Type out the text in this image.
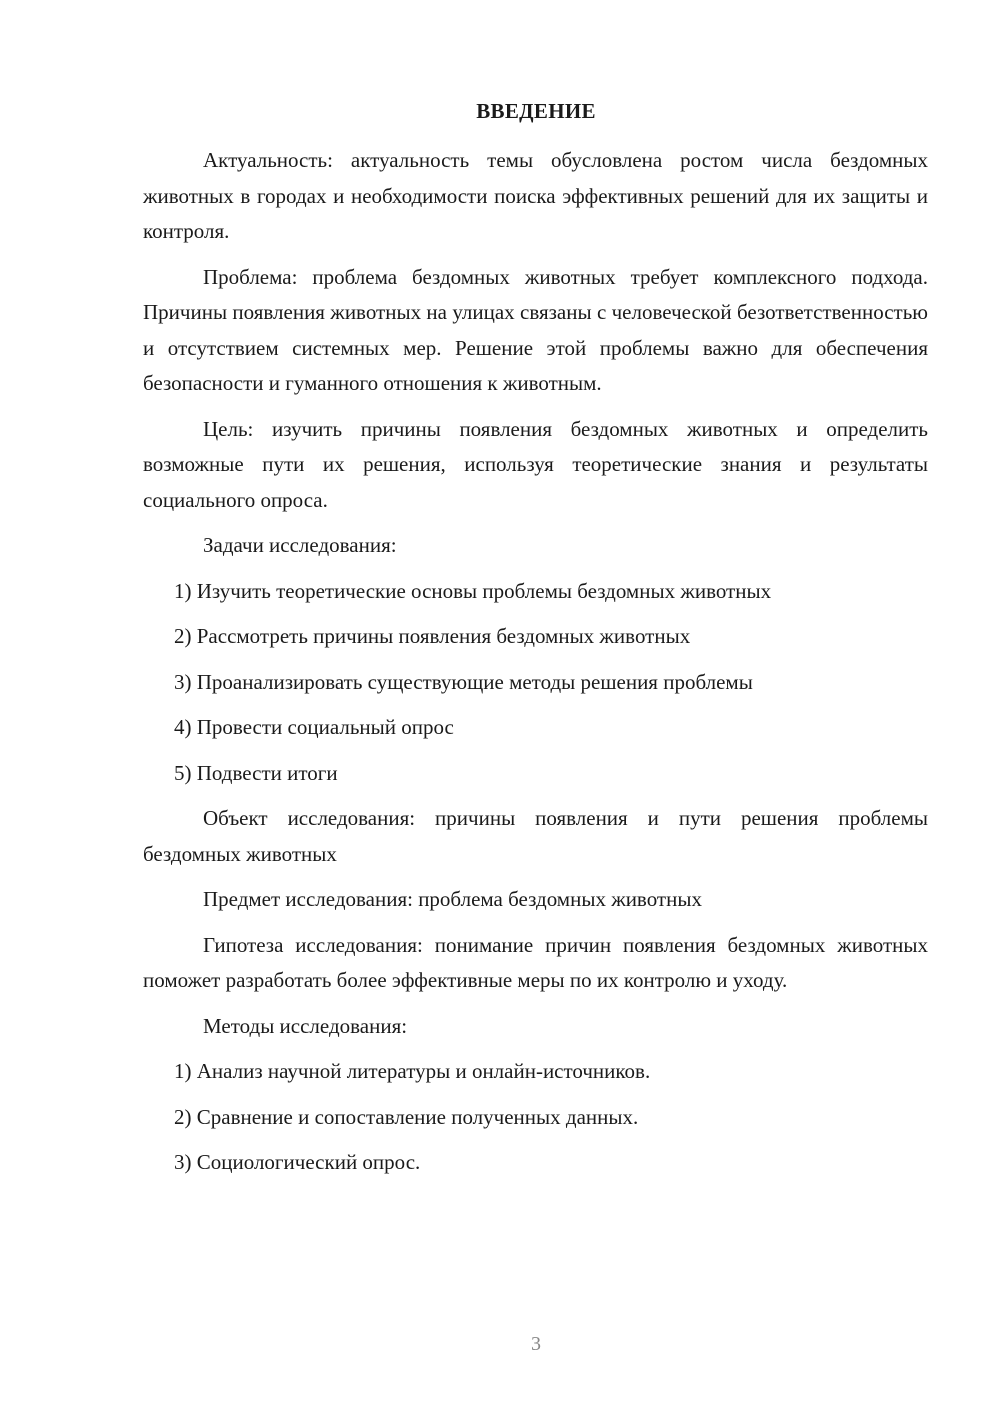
ВВЕДЕНИЕ

Актуальность: актуальность темы обусловлена ростом числа бездомных животных в городах и необходимости поиска эффективных решений для их защиты и контроля.

Проблема: проблема бездомных животных требует комплексного подхода. Причины появления животных на улицах связаны с человеческой безответственностью и отсутствием системных мер. Решение этой проблемы важно для обеспечения безопасности и гуманного отношения к животным.

Цель: изучить причины появления бездомных животных и определить возможные пути их решения, используя теоретические знания и результаты социального опроса.

Задачи исследования:

1) Изучить теоретические основы проблемы бездомных животных

2) Рассмотреть причины появления бездомных животных

3) Проанализировать существующие методы решения проблемы

4) Провести социальный опрос

5) Подвести итоги

Объект исследования: причины появления и пути решения проблемы бездомных животных

Предмет исследования: проблема бездомных животных

Гипотеза исследования: понимание причин появления бездомных животных поможет разработать более эффективные меры по их контролю и уходу.

Методы исследования:

1) Анализ научной литературы и онлайн-источников.

2) Сравнение и сопоставление полученных данных.

3) Социологический опрос.

3
